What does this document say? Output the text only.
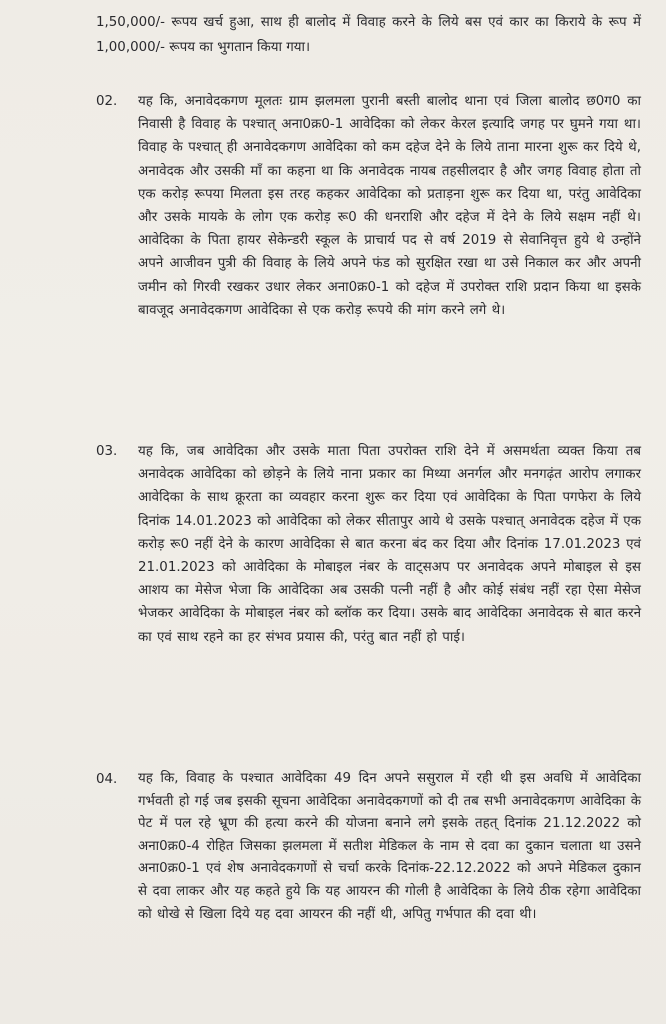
1,50,000/- रूपय खर्च हुआ, साथ ही बालोद में विवाह करने के लिये बस एवं कार का किराये के रूप में 1,00,000/- रूपय का भुगतान किया गया।
02.	यह कि, अनावेदकगण मूलतः ग्राम झलमला पुरानी बस्ती बालोद थाना एवं जिला बालोद छ0ग0 का निवासी है विवाह के पश्चात् अना0क्र0-1 आवेदिका को लेकर केरल इत्यादि जगह पर घुमने गया था। विवाह के पश्चात् ही अनावेदकगण आवेदिका को कम दहेज देने के लिये ताना मारना शुरू कर दिये थे, अनावेदक और उसकी माँ का कहना था कि अनावेदक नायब तहसीलदार है और जगह विवाह होता तो एक करोड़ रूपया मिलता इस तरह कहकर आवेदिका को प्रताड़ना शुरू कर दिया था, परंतु आवेदिका और उसके मायके के लोग एक करोड़ रू0 की धनराशि और दहेज में देने के लिये सक्षम नहीं थे। आवेदिका के पिता हायर सेकेन्डरी स्कूल के प्राचार्य पद से वर्ष 2019 से सेवानिवृत्त हुये थे उन्होंने अपने आजीवन पुत्री की विवाह के लिये अपने फंड को सुरक्षित रखा था उसे निकाल कर और अपनी जमीन को गिरवी रखकर उधार लेकर अना0क्र0-1 को दहेज में उपरोक्त राशि प्रदान किया था इसके बावजूद अनावेदकगण आवेदिका से एक करोड़ रूपये की मांग करने लगे थे।
03.	यह कि, जब आवेदिका और उसके माता पिता उपरोक्त राशि देने में असमर्थता व्यक्त किया तब अनावेदक आवेदिका को छोड़ने के लिये नाना प्रकार का मिथ्या अनर्गल और मनगढ़ंत आरोप लगाकर आवेदिका के साथ क्रूरता का व्यवहार करना शुरू कर दिया एवं आवेदिका के पिता पगफेरा के लिये दिनांक 14.01.2023 को आवेदिका को लेकर सीतापुर आये थे उसके पश्चात् अनावेदक दहेज में एक करोड़ रू0 नहीं देने के कारण आवेदिका से बात करना बंद कर दिया और दिनांक 17.01.2023 एवं 21.01.2023 को आवेदिका के मोबाइल नंबर के वाट्सअप पर अनावेदक अपने मोबाइल से इस आशय का मेसेज भेजा कि आवेदिका अब उसकी पत्नी नहीं है और कोई संबंध नहीं रहा ऐसा मेसेज भेजकर आवेदिका के मोबाइल नंबर को ब्लॉक कर दिया। उसके बाद आवेदिका अनावेदक से बात करने का एवं साथ रहने का हर संभव प्रयास की, परंतु बात नहीं हो पाई।
04.	यह कि, विवाह के पश्चात आवेदिका 49 दिन अपने ससुराल में रही थी इस अवधि में आवेदिका गर्भवती हो गई जब इसकी सूचना आवेदिका अनावेदकगणों को दी तब सभी अनावेदकगण आवेदिका के पेट में पल रहे भ्रूण की हत्या करने की योजना बनाने लगे इसके तहत् दिनांक 21.12.2022 को अना0क्र0-4 रोहित जिसका झलमला में सतीश मेडिकल के नाम से दवा का दुकान चलाता था उसने अना0क्र0-1 एवं शेष अनावेदकगणों से चर्चा करके दिनांक-22.12.2022 को अपने मेडिकल दुकान से दवा लाकर और यह कहते हुये कि यह आयरन की गोली है आवेदिका के लिये ठीक रहेगा आवेदिका को धोखे से खिला दिये यह दवा आयरन की नहीं थी, अपितु गर्भपात की दवा थी।
